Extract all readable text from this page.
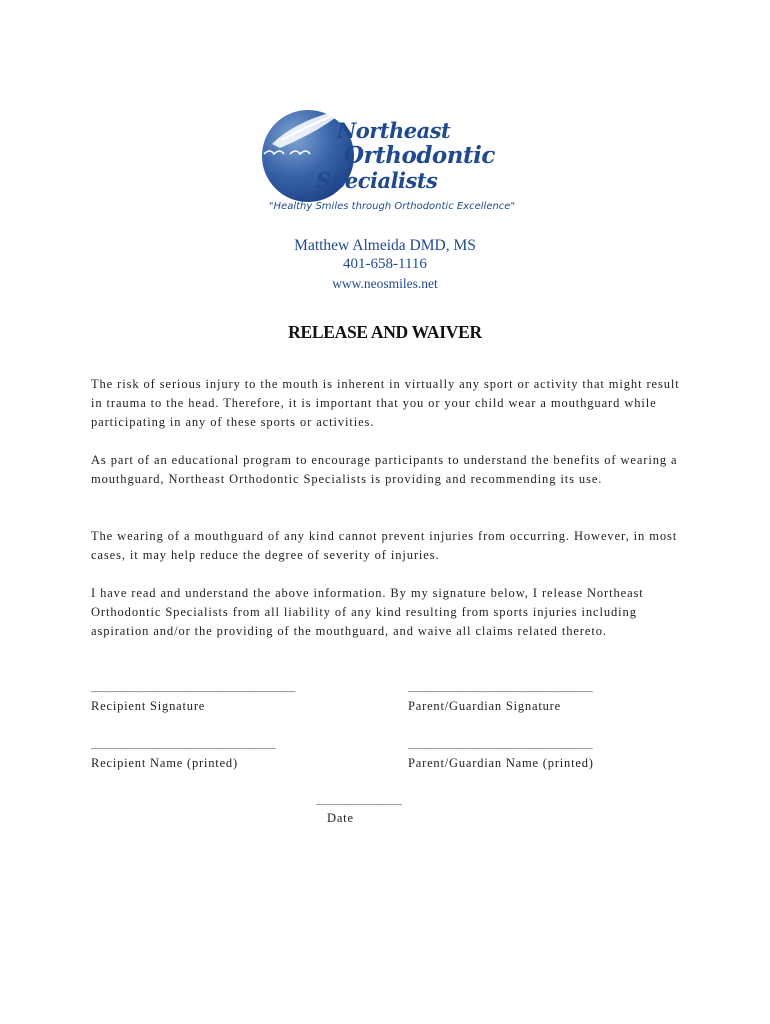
Northeast
Orthodontic
Specialists
"Healthy Smiles through Orthodontic Excellence"
Matthew Almeida DMD, MS
401-658-1116
www.neosmiles.net
RELEASE AND WAIVER
The risk of serious injury to the mouth is inherent in virtually any sport or activity that might result in trauma to the head. Therefore, it is important that you or your child wear a mouthguard while participating in any of these sports or activities.
As part of an educational program to encourage participants to understand the benefits of wearing a mouthguard, Northeast Orthodontic Specialists is providing and recommending its use.
The wearing of a mouthguard of any kind cannot prevent injuries from occurring. However, in most cases, it may help reduce the degree of severity of injuries.
I have read and understand the above information. By my signature below, I release Northeast Orthodontic Specialists from all liability of any kind resulting from sports injuries including aspiration and/or the providing of the mouthguard, and waive all claims related thereto.
_______________________________
Recipient Signature
____________________________
Parent/Guardian Signature
____________________________
Recipient Name (printed)
____________________________
Parent/Guardian Name (printed)
_____________
Date
